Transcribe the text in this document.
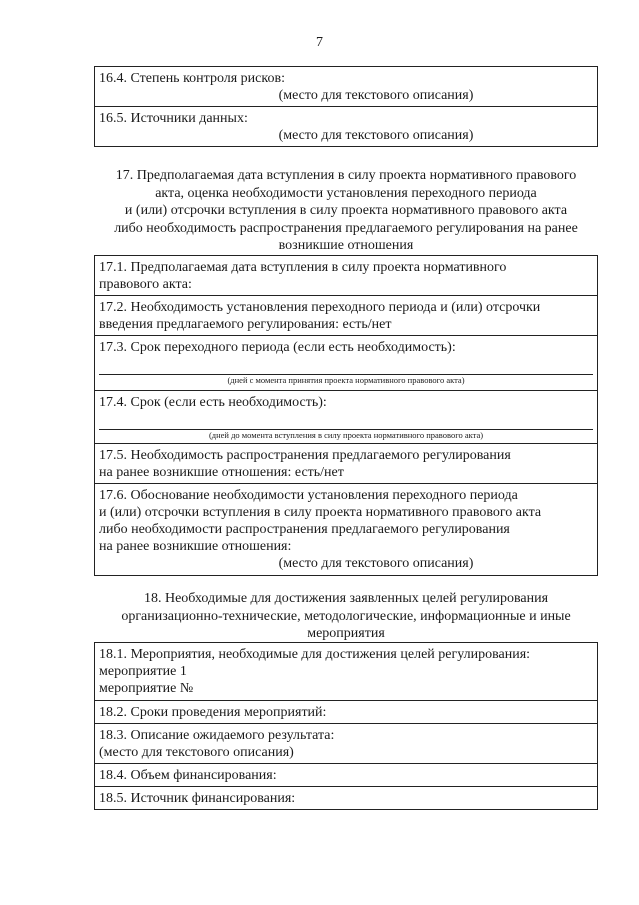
7
16.4. Степень контроля рисков:
(место для текстового описания)

16.5. Источники данных:
(место для текстового описания)
17. Предполагаемая дата вступления в силу проекта нормативного правового
акта, оценка необходимости установления переходного периода
и (или) отсрочки вступления в силу проекта нормативного правового акта
либо необходимость распространения предлагаемого регулирования на ранее
возникшие отношения
17.1. Предполагаемая дата вступления в силу проекта нормативного
правового акта:

17.2. Необходимость установления переходного периода и (или) отсрочки
введения предлагаемого регулирования: есть/нет

17.3. Срок переходного периода (если есть необходимость):
(дней с момента принятия проекта нормативного правового акта)

17.4. Срок (если есть необходимость):
(дней до момента вступления в силу проекта нормативного правового акта)

17.5. Необходимость распространения предлагаемого регулирования
на ранее возникшие отношения: есть/нет

17.6. Обоснование необходимости установления переходного периода
и (или) отсрочки вступления в силу проекта нормативного правового акта
либо необходимости распространения предлагаемого регулирования
на ранее возникшие отношения:
(место для текстового описания)
18. Необходимые для достижения заявленных целей регулирования
организационно-технические, методологические, информационные и иные
мероприятия
18.1. Мероприятия, необходимые для достижения целей регулирования:
мероприятие 1
мероприятие №

18.2. Сроки проведения мероприятий:

18.3. Описание ожидаемого результата:
(место для текстового описания)

18.4. Объем финансирования:
18.5. Источник финансирования:
